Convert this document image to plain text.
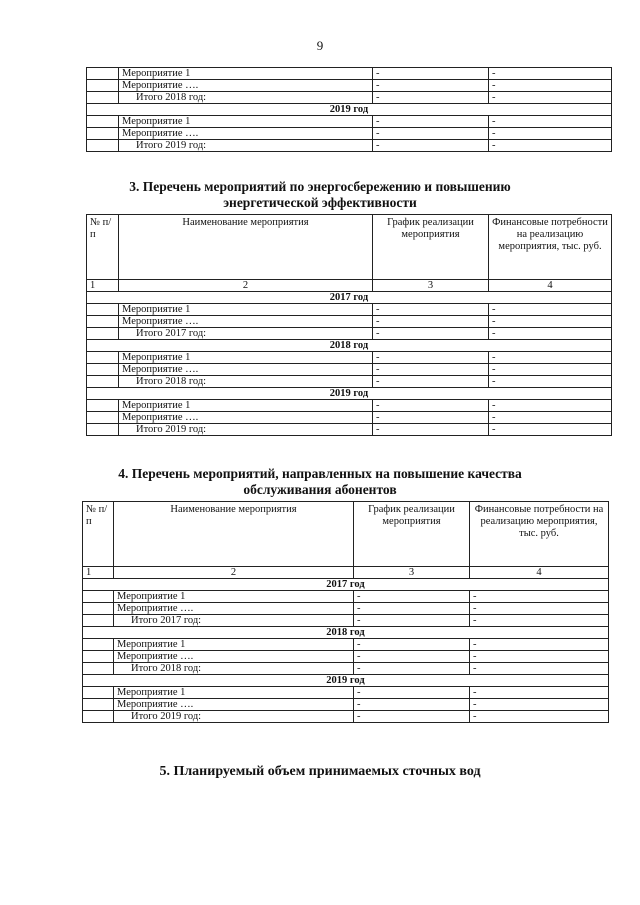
9
	Мероприятие 1	-	-
	Мероприятие ….	-	-
	Итого 2018 год:	-	-
2019 год			
	Мероприятие 1	-	-
	Мероприятие ….	-	-
	Итого 2019 год:	-	-
3. Перечень мероприятий по энергосбережению и повышению
энергетической эффективности
№ п/п	Наименование мероприятия	График реализации мероприятия	Финансовые потребности на реализацию мероприятия, тыс. руб.
1	2	3	4
2017 год			
	Мероприятие 1	-	-
	Мероприятие ….	-	-
	Итого 2017 год:	-	-
2018 год			
	Мероприятие 1	-	-
	Мероприятие ….	-	-
	Итого 2018 год:	-	-
2019 год			
	Мероприятие 1	-	-
	Мероприятие ….	-	-
	Итого 2019 год:	-	-
4. Перечень мероприятий, направленных на повышение качества
обслуживания абонентов
№ п/п	Наименование мероприятия	График реализации мероприятия	Финансовые потребности на реализацию мероприятия, тыс. руб.
1	2	3	4
2017 год			
	Мероприятие 1	-	-
	Мероприятие ….	-	-
	Итого 2017 год:	-	-
2018 год			
	Мероприятие 1	-	-
	Мероприятие ….	-	-
	Итого 2018 год:	-	-
2019 год			
	Мероприятие 1	-	-
	Мероприятие ….	-	-
	Итого 2019 год:	-	-
5. Планируемый объем принимаемых сточных вод
